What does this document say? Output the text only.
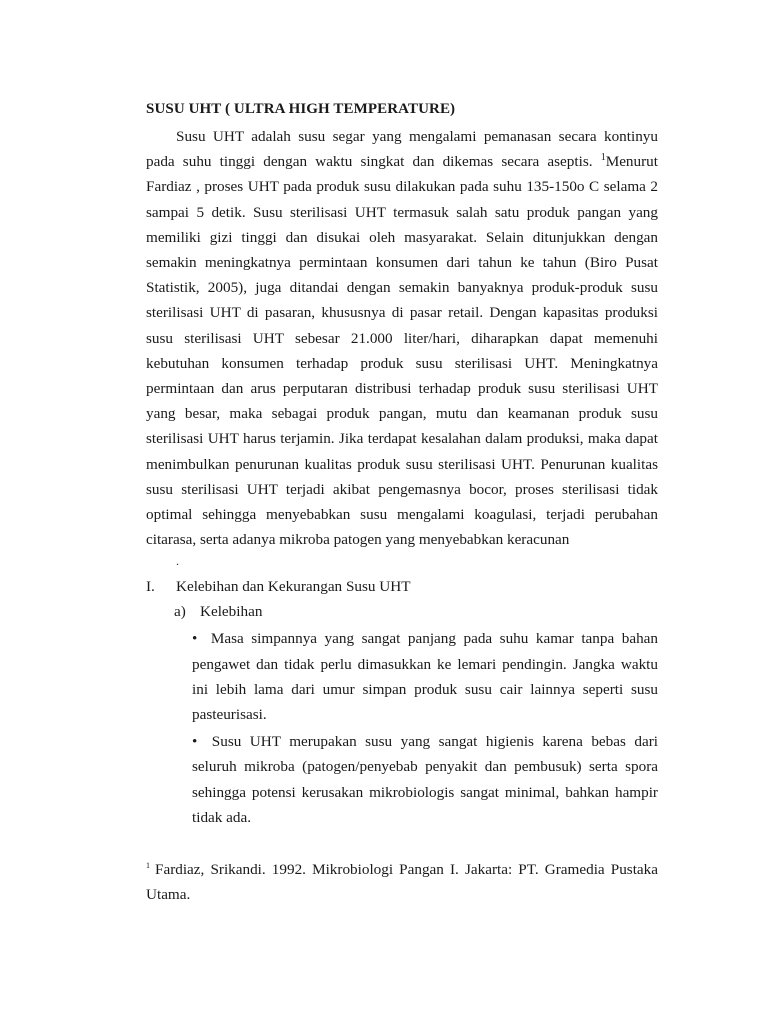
SUSU UHT ( ULTRA HIGH TEMPERATURE)

Susu UHT adalah susu segar yang mengalami pemanasan secara kontinyu pada suhu tinggi dengan waktu singkat dan dikemas secara aseptis. $^1$Menurut Fardiaz , proses UHT pada produk susu dilakukan pada suhu 135-150o C selama 2 sampai 5 detik. Susu sterilisasi UHT termasuk salah satu produk pangan yang memiliki gizi tinggi dan disukai oleh masyarakat. Selain ditunjukkan dengan semakin meningkatnya permintaan konsumen dari tahun ke tahun (Biro Pusat Statistik, 2005), juga ditandai dengan semakin banyaknya produk-produk susu sterilisasi UHT di pasaran, khususnya di pasar retail. Dengan kapasitas produksi susu sterilisasi UHT sebesar 21.000 liter/hari, diharapkan dapat memenuhi kebutuhan konsumen terhadap produk susu sterilisasi UHT. Meningkatnya permintaan dan arus perputaran distribusi terhadap produk susu sterilisasi UHT yang besar, maka sebagai produk pangan, mutu dan keamanan produk susu sterilisasi UHT harus terjamin. Jika terdapat kesalahan dalam produksi, maka dapat menimbulkan penurunan kualitas produk susu sterilisasi UHT. Penurunan kualitas susu sterilisasi UHT terjadi akibat pengemasnya bocor, proses sterilisasi tidak optimal sehingga menyebabkan susu mengalami koagulasi, terjadi perubahan citarasa, serta adanya mikroba patogen yang menyebabkan keracunan

.
I. Kelebihan dan Kekurangan Susu UHT
a) Kelebihan
• Masa simpannya yang sangat panjang pada suhu kamar tanpa bahan pengawet dan tidak perlu dimasukkan ke lemari pendingin. Jangka waktu ini lebih lama dari umur simpan produk susu cair lainnya seperti susu pasteurisasi.
• Susu UHT merupakan susu yang sangat higienis karena bebas dari seluruh mikroba (patogen/penyebab penyakit dan pembusuk) serta spora sehingga potensi kerusakan mikrobiologis sangat minimal, bahkan hampir tidak ada.
$^1$ Fardiaz, Srikandi. 1992. Mikrobiologi Pangan I. Jakarta: PT. Gramedia Pustaka Utama.
